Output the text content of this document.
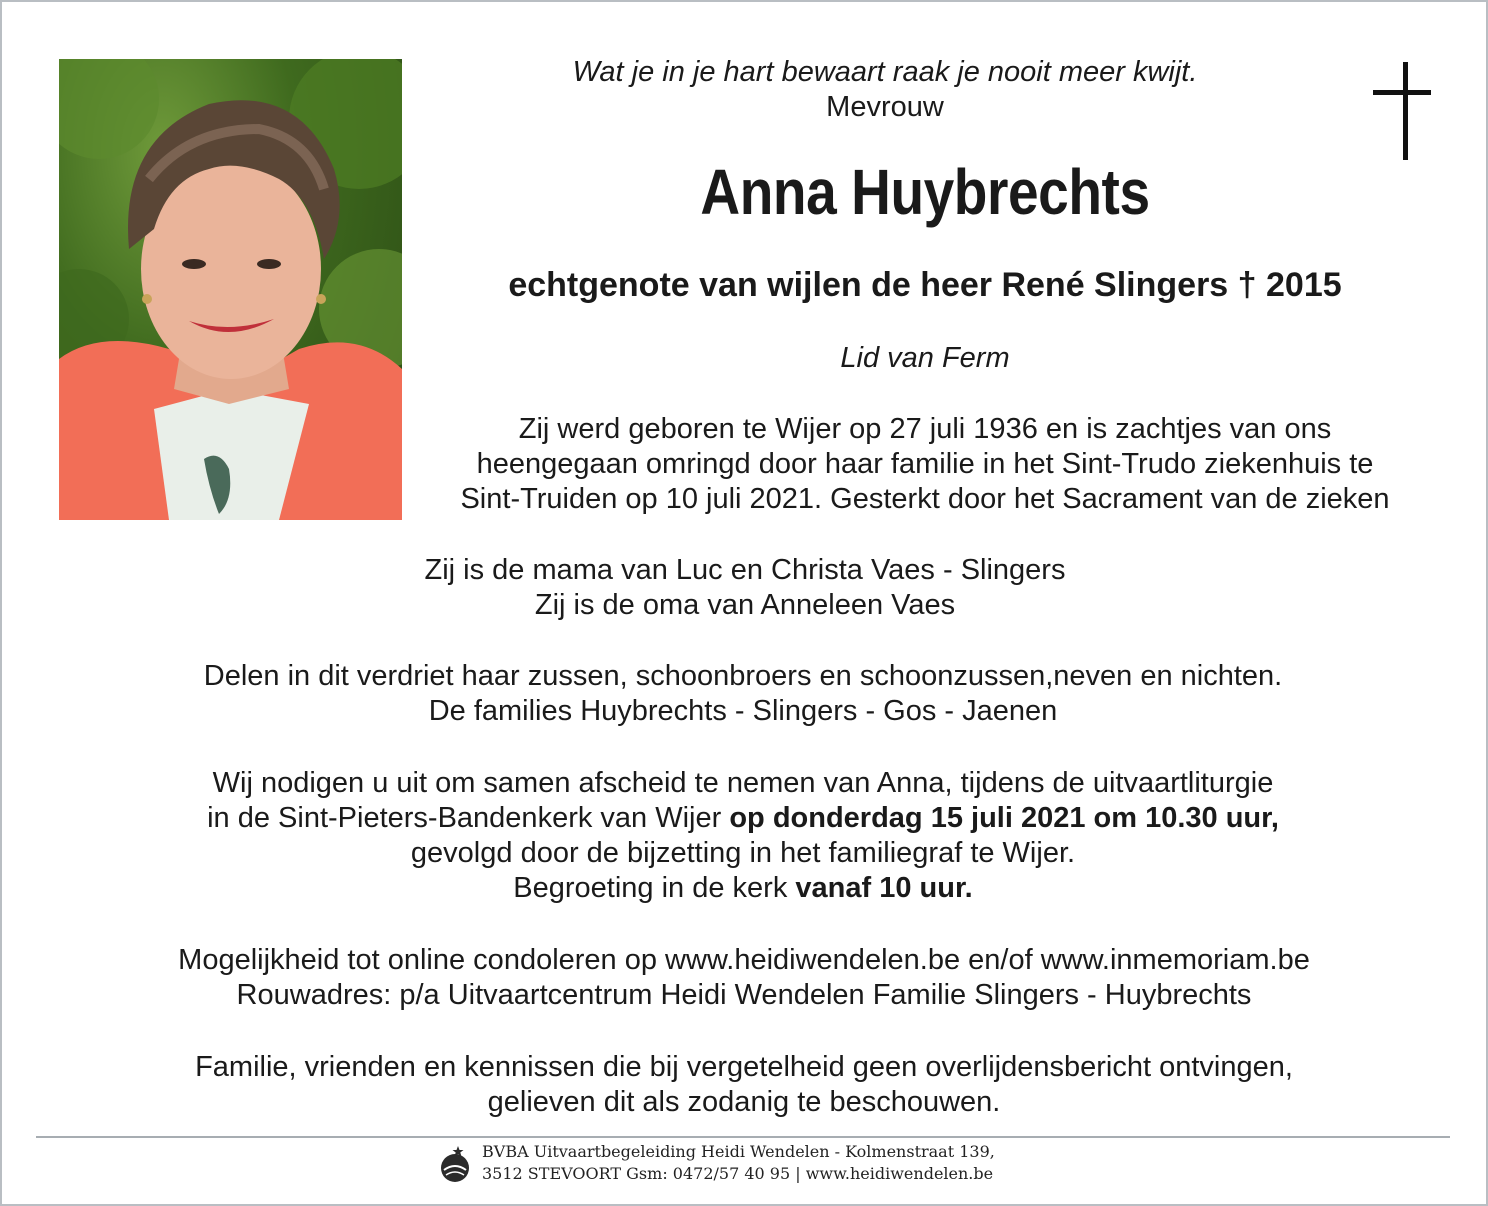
Wat je in je hart bewaart raak je nooit meer kwijt.
Mevrouw
Anna Huybrechts
echtgenote van wijlen de heer René Slingers † 2015
Lid van Ferm
Zij werd geboren te Wijer op 27 juli 1936 en is zachtjes van ons
heengegaan omringd door haar familie in het Sint-Trudo ziekenhuis te
Sint-Truiden op 10 juli 2021. Gesterkt door het Sacrament van de zieken
Zij is de mama van Luc en Christa Vaes - Slingers
Zij is de oma van Anneleen Vaes
Delen in dit verdriet haar zussen, schoonbroers en schoonzussen,neven en nichten.
De families Huybrechts - Slingers - Gos - Jaenen
Wij nodigen u uit om samen afscheid te nemen van Anna, tijdens de uitvaartliturgie
in de Sint-Pieters-Bandenkerk van Wijer op donderdag 15 juli 2021 om 10.30 uur,
gevolgd door de bijzetting in het familiegraf te Wijer.
Begroeting in de kerk vanaf 10 uur.
Mogelijkheid tot online condoleren op www.heidiwendelen.be en/of www.inmemoriam.be
Rouwadres: p/a Uitvaartcentrum Heidi Wendelen Familie Slingers - Huybrechts
Familie, vrienden en kennissen die bij vergetelheid geen overlijdensbericht ontvingen,
gelieven dit als zodanig te beschouwen.
BVBA Uitvaartbegeleiding Heidi Wendelen - Kolmenstraat 139,
3512 STEVOORT Gsm: 0472/57 40 95 | www.heidiwendelen.be
